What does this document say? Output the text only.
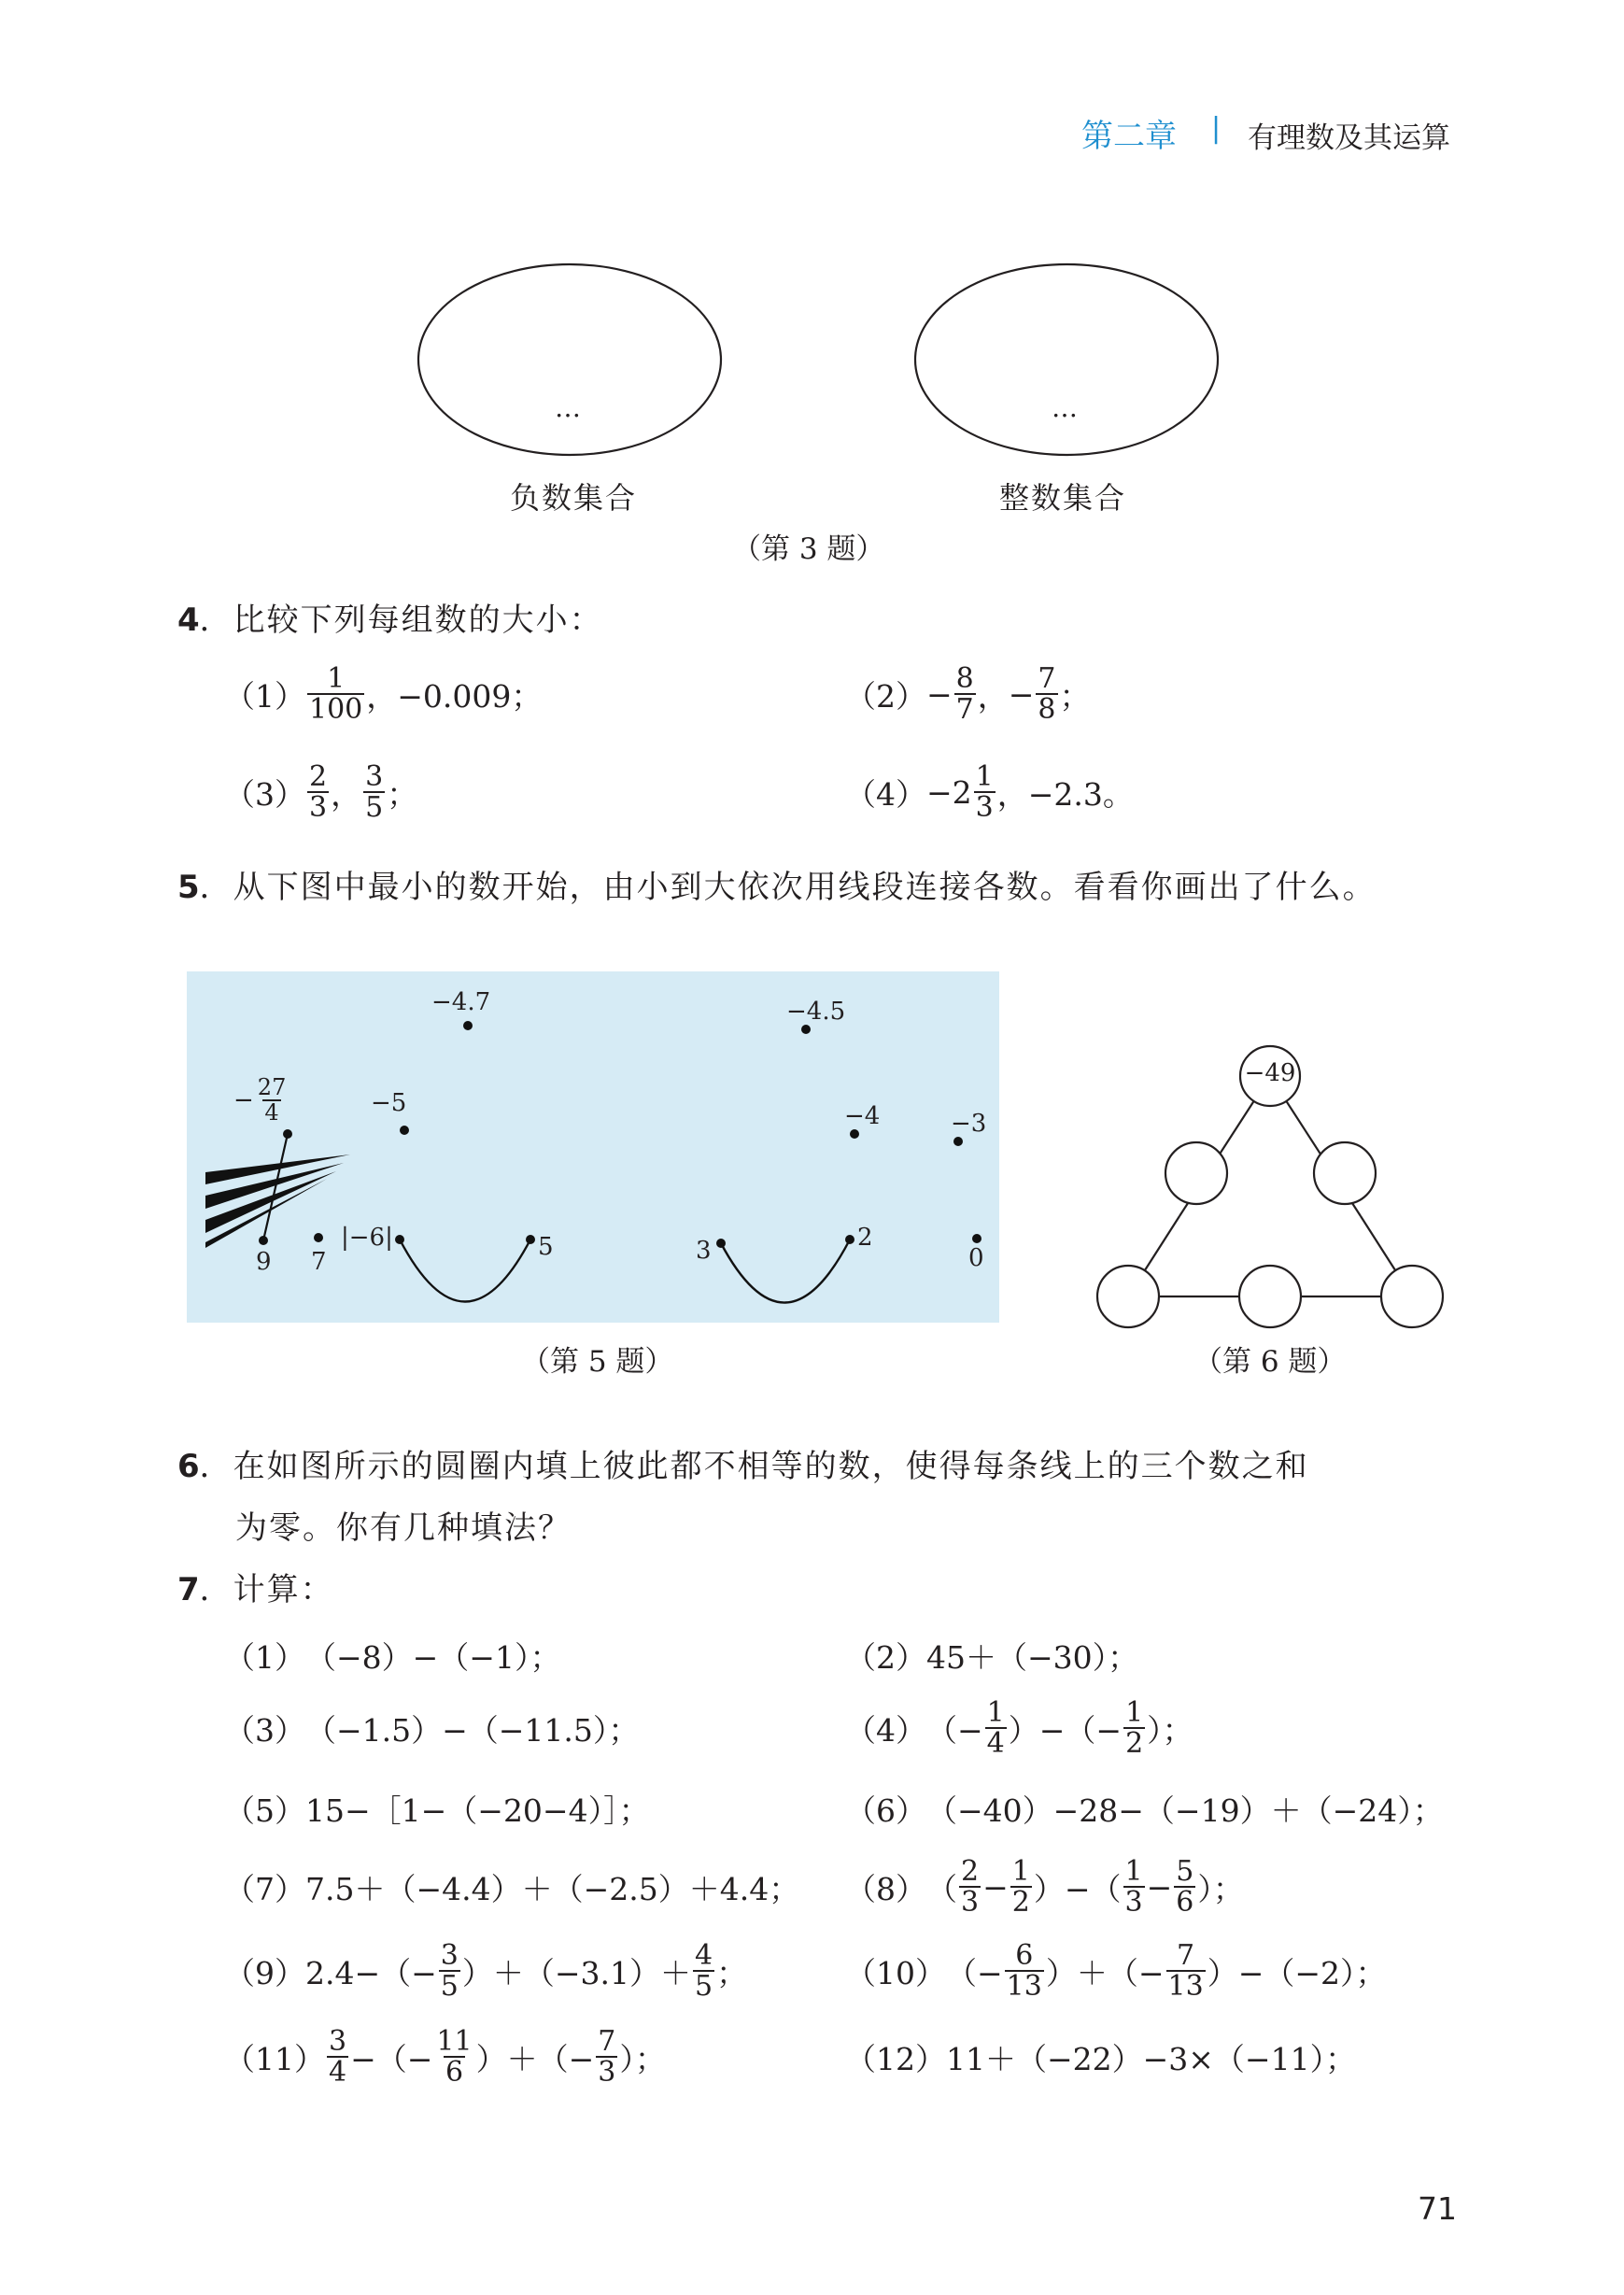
第二章 | 有理数及其运算
…	…
负数集合	整数集合
（第 3 题）
4．比较下列每组数的大小：
$(1) \frac{1}{100}$ ， −0.009；	$(2) - \frac{8}{7}$ ， − $\frac{7}{8}$ ；
$(3) \frac{2}{3}$ ， $\frac{3}{5}$ ；	$(4) -2 \frac{1}{3}$ ， −2.3。
5．从下图中最小的数开始，由小到大依次用线段连接各数。看看你画出了什么。
−4.7	−4.5
−5	−4	−3
− $\frac{27}{4}$
9 7
|−6|	5	3	2
0
（第 5 题）
−49
（第 6 题）
6．在如图所示的圆圈内填上彼此都不相等的数，使得每条线上的三个数之和
为零。你有几种填法？
7．计算：
（1） （−8）−（−1）；	（2） 45＋（−30）；
（3） （−1.5）−（−11.5）；	（4） （− $\frac{1}{4}$ ）−（− $\frac{1}{2}$ ）；
（5） 15−［1−（−20−4）］；	（6） （−40）−28−（−19）＋（−24）；
（7） 7.5＋（−4.4）＋（−2.5）＋4.4； （8） （ $\frac{2}{3} - \frac{1}{2}$ ）−（ $\frac{1}{3} - \frac{5}{6}$ ）；
（9） $2.4-(- \frac{3}{5} )+(-3.1)+ \frac{4}{5}$ ；	（10） （− $\frac{6}{13}$ ）＋（− $\frac{7}{13} )-(-2)$；
$(11) \frac{3}{4}$ −（− $\frac{11}{6}$ ）＋（− $\frac{7}{3}$ ）；	（12） 11＋（−22）−3×（−11）；
71
